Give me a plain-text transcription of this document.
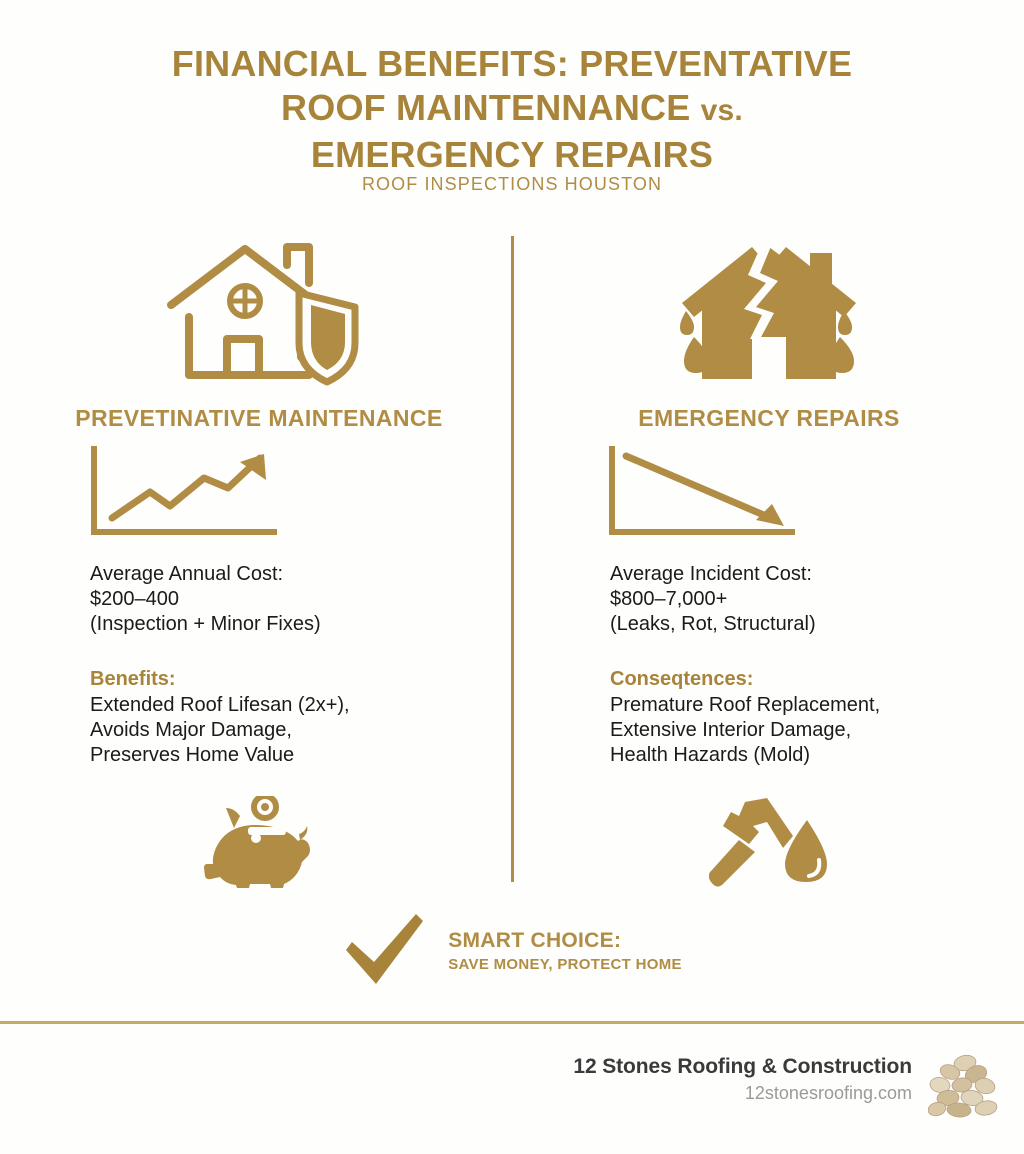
FINANCIAL BENEFITS: PREVENTATIVE
ROOF MAINTENNANCE vs.
EMERGENCY REPAIRS
ROOF INSPECTIONS HOUSTON
PREVETINATIVE MAINTENANCE
Average Annual Cost:
$200–400
(Inspection + Minor Fixes)
Benefits:
Extended Roof Lifesan (2x+),
Avoids Major Damage,
Preserves Home Value
EMERGENCY REPAIRS
Average Incident Cost:
$800–7,000+
(Leaks, Rot, Structural)
Conseqtences:
Premature Roof Replacement,
Extensive Interior Damage,
Health Hazards (Mold)
SMART CHOICE:
SAVE MONEY, PROTECT HOME
12 Stones Roofing & Construction
12stonesroofing.com
